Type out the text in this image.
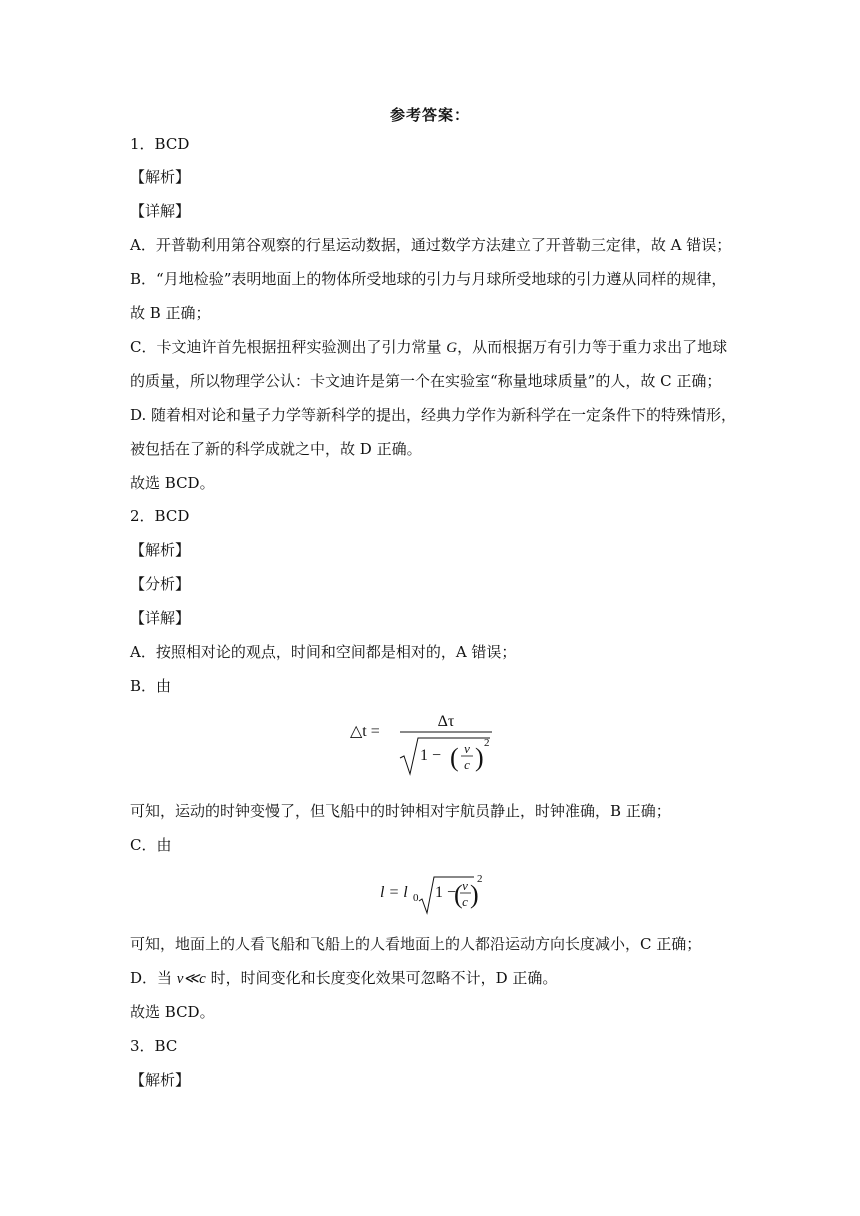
参考答案：
1．BCD
【解析】
【详解】
A．开普勒利用第谷观察的行星运动数据，通过数学方法建立了开普勒三定律，故 A 错误；
B．“月地检验”表明地面上的物体所受地球的引力与月球所受地球的引力遵从同样的规律，
故 B 正确；
C．卡文迪许首先根据扭秤实验测出了引力常量 G，从而根据万有引力等于重力求出了地球
的质量，所以物理学公认：卡文迪许是第一个在实验室“称量地球质量”的人，故 C 正确；
D. 随着相对论和量子力学等新科学的提出，经典力学作为新科学在一定条件下的特殊情形，
被包括在了新的科学成就之中，故 D 正确。
故选 BCD。
2．BCD
【解析】
【分析】
【详解】
A．按照相对论的观点，时间和空间都是相对的，A 错误；
B．由
△t =
Δτ
1 − ( v
c ) 2
可知，运动的时钟变慢了，但飞船中的时钟相对宇航员静止，时钟准确，B 正确；
C．由
l = l 0 1 −
( v
c )
2
可知，地面上的人看飞船和飞船上的人看地面上的人都沿运动方向长度减小，C 正确；
D．当 v≪c 时，时间变化和长度变化效果可忽略不计，D 正确。
故选 BCD。
3．BC
【解析】
